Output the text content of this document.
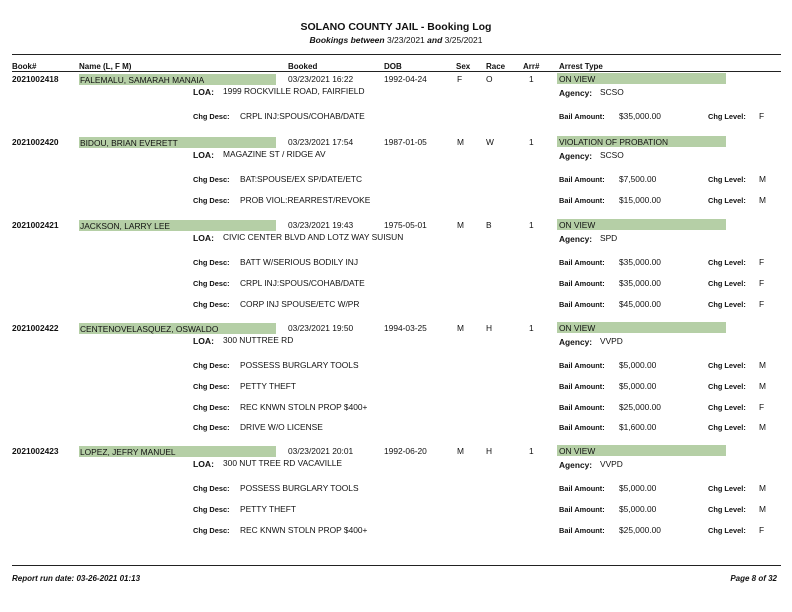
SOLANO COUNTY JAIL - Booking Log
Bookings between 3/23/2021 and 3/25/2021
Book#	Name (L, F M)	Booked	DOB	Sex Race Arr# Arrest Type
2021002418	FALEMALU, SAMARAH MANAIA	03/23/2021 16:22	1992-04-24	F	O	1	ON VIEW
LOA: 1999 ROCKVILLE ROAD, FAIRFIELD	Agency: SCSO
Chg Desc: CRPL INJ:SPOUS/COHAB/DATE	Bail Amount: $35,000.00	Chg Level: F
2021002420	BIDOU, BRIAN EVERETT	03/23/2021 17:54	1987-01-05	M	W	1	VIOLATION OF PROBATION
LOA: MAGAZINE ST / RIDGE AV	Agency: SCSO
Chg Desc: BAT:SPOUSE/EX SP/DATE/ETC	Bail Amount: $7,500.00	Chg Level: M
Chg Desc: PROB VIOL:REARREST/REVOKE	Bail Amount: $15,000.00	Chg Level: M
2021002421	JACKSON, LARRY LEE	03/23/2021 19:43	1975-05-01	M	B	1	ON VIEW
LOA: CIVIC CENTER BLVD AND LOTZ WAY SUISUN	Agency: SPD
Chg Desc: BATT W/SERIOUS BODILY INJ	Bail Amount: $35,000.00	Chg Level: F
Chg Desc: CRPL INJ:SPOUS/COHAB/DATE	Bail Amount: $35,000.00	Chg Level: F
Chg Desc: CORP INJ SPOUSE/ETC W/PR	Bail Amount: $45,000.00	Chg Level: F
2021002422	CENTENOVELASQUEZ, OSWALDO	03/23/2021 19:50	1994-03-25	M	H	1	ON VIEW
LOA: 300 NUTTREE RD	Agency: VVPD
Chg Desc: POSSESS BURGLARY TOOLS	Bail Amount: $5,000.00	Chg Level: M
Chg Desc: PETTY THEFT	Bail Amount: $5,000.00	Chg Level: M
Chg Desc: REC KNWN STOLN PROP $400+	Bail Amount: $25,000.00	Chg Level: F
Chg Desc: DRIVE W/O LICENSE	Bail Amount: $1,600.00	Chg Level: M
2021002423	LOPEZ, JEFRY MANUEL	03/23/2021 20:01	1992-06-20	M	H	1	ON VIEW
LOA: 300 NUT TREE RD VACAVILLE	Agency: VVPD
Chg Desc: POSSESS BURGLARY TOOLS	Bail Amount: $5,000.00	Chg Level: M
Chg Desc: PETTY THEFT	Bail Amount: $5,000.00	Chg Level: M
Chg Desc: REC KNWN STOLN PROP $400+	Bail Amount: $25,000.00	Chg Level: F
Report run date: 03-26-2021 01:13	Page 8 of 32
